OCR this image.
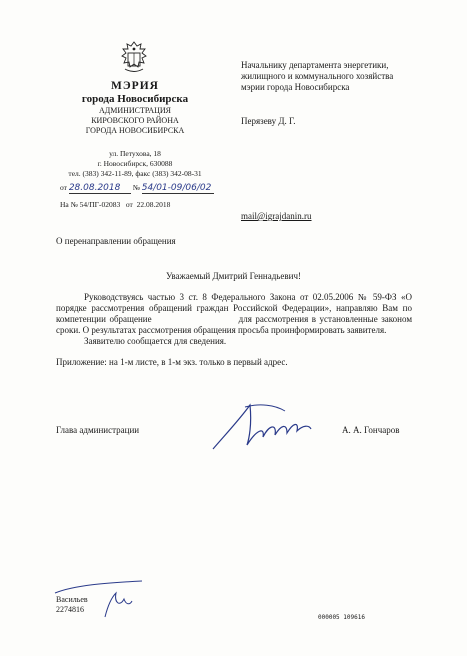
МЭРИЯ
города Новосибирска
АДМИНИСТРАЦИЯ
КИРОВСКОГО РАЙОНА
ГОРОДА НОВОСИБИРСКА
ул. Петухова, 18
г. Новосибирск, 630088
тел. (383) 342-11-89, факс (383) 342-08-31
от 28.08.2018 № 54/01-09/06/02
На № 54/ПГ-02083 от 22.08.2018
Начальнику департамента энергетики,
жилищного и коммунального хозяйства
мэрии города Новосибирска
Перязеву Д. Г.
mail@igrajdanin.ru
О перенаправлении обращения
Уважаемый Дмитрий Геннадьевич!

Руководствуясь частью 3 ст. 8 Федерального Закона от 02.05.2006 № 59-ФЗ «О порядке рассмотрения обращений граждан Российской Федерации», направляю Вам по компетенции обращение	для рассмотрения в установленные законом сроки. О результатах рассмотрения обращения просьба проинформировать заявителя.

Заявителю сообщается для сведения.

Приложение: на 1-м листе, в 1-м экз. только в первый адрес.
Глава администрации	А. А. Гончаров
Васильев
2274816
000005 109616
